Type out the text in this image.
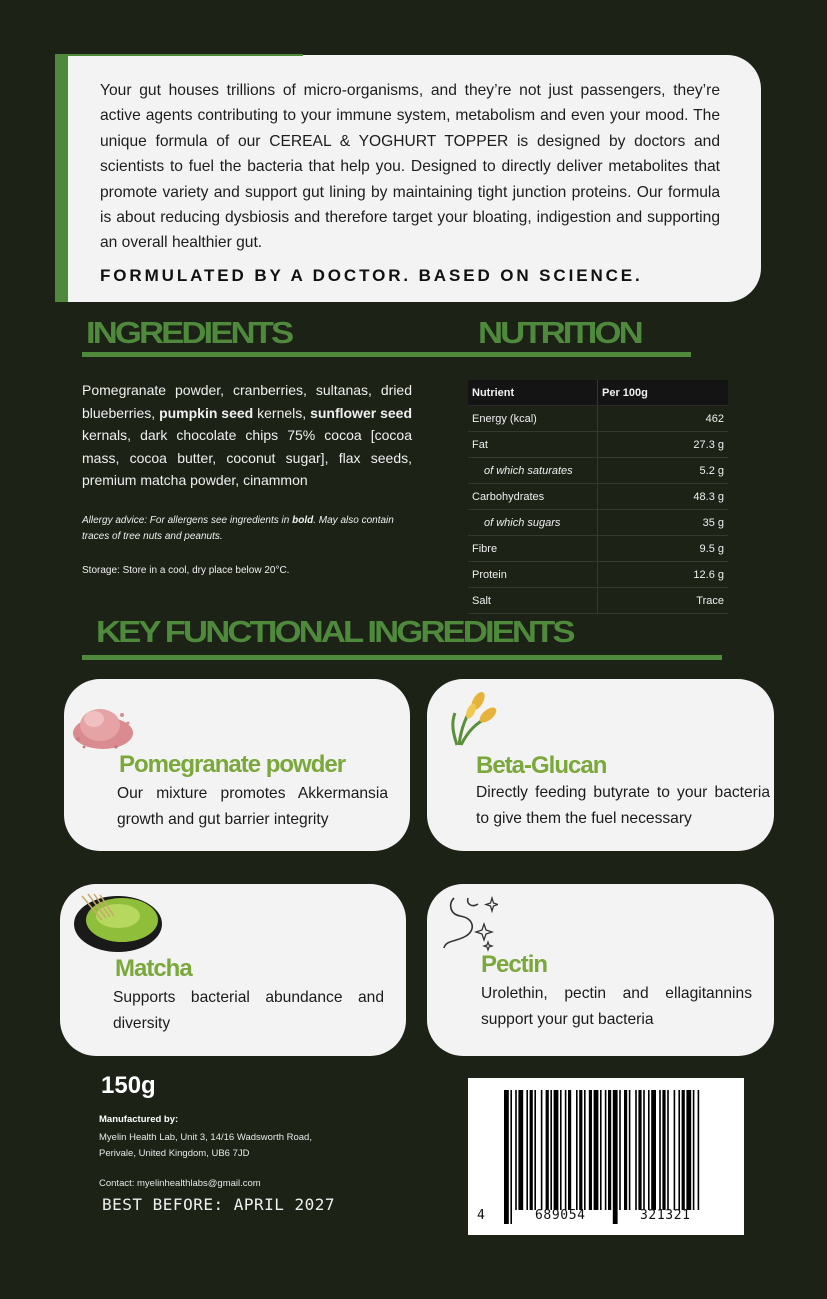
Your gut houses trillions of micro-organisms, and they’re not just passengers, they’re active agents contributing to your immune system, metabolism and even your mood. The unique formula of our CEREAL & YOGHURT TOPPER is designed by doctors and scientists to fuel the bacteria that help you. Designed to directly deliver metabolites that promote variety and support gut lining by maintaining tight junction proteins. Our formula is about reducing dysbiosis and therefore target your bloating, indigestion and supporting an overall healthier gut.
FORMULATED BY A DOCTOR. BASED ON SCIENCE.
INGREDIENTS	NUTRITION
Pomegranate powder, cranberries, sultanas, dried blueberries, pumpkin seed kernels, sunflower seed kernals, dark chocolate chips 75% cocoa [cocoa mass, cocoa butter, coconut sugar], flax seeds, premium matcha powder, cinammon
Allergy advice: For allergens see ingredients in bold. May also contain traces of tree nuts and peanuts.
Storage: Store in a cool, dry place below 20°C.
Nutrient	Per 100g
Energy (kcal)	462
Fat	27.3 g
of which saturates	5.2 g
Carbohydrates	48.3 g
of which sugars	35 g
Fibre	9.5 g
Protein	12.6 g
Salt	Trace
KEY FUNCTIONAL INGREDIENTS
Pomegranate powder
Our mixture promotes Akkermansia growth and gut barrier integrity
Beta-Glucan
Directly feeding butyrate to your bacteria to give them the fuel necessary
Matcha
Supports bacterial abundance and diversity
Pectin
Urolethin, pectin and ellagitannins support your gut bacteria
150g
Manufactured by:
Myelin Health Lab, Unit 3, 14/16 Wadsworth Road,
Perivale, United Kingdom, UB6 7JD
Contact: myelinhealthlabs@gmail.com
BEST BEFORE: APRIL 2027
4	689054	321321
